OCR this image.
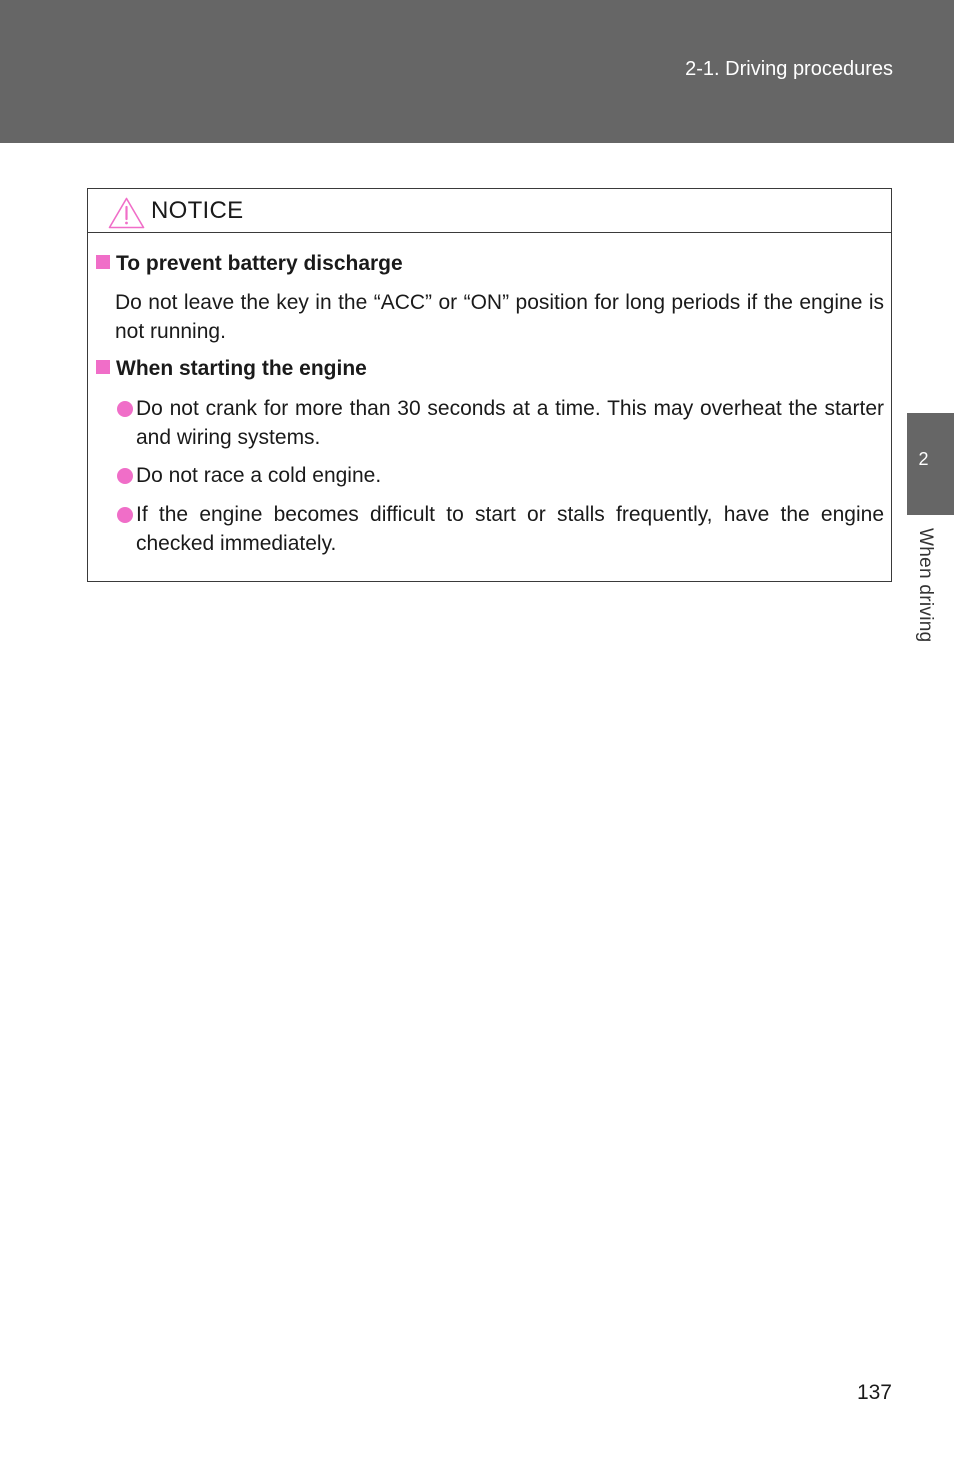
2-1. Driving procedures
2
When driving
NOTICE
To prevent battery discharge
Do not leave the key in the “ACC” or “ON” position for long periods if the engine is not running.
When starting the engine
Do not crank for more than 30 seconds at a time. This may overheat the starter and wiring systems.
Do not race a cold engine.
If the engine becomes difficult to start or stalls frequently, have the engine checked immediately.
137
